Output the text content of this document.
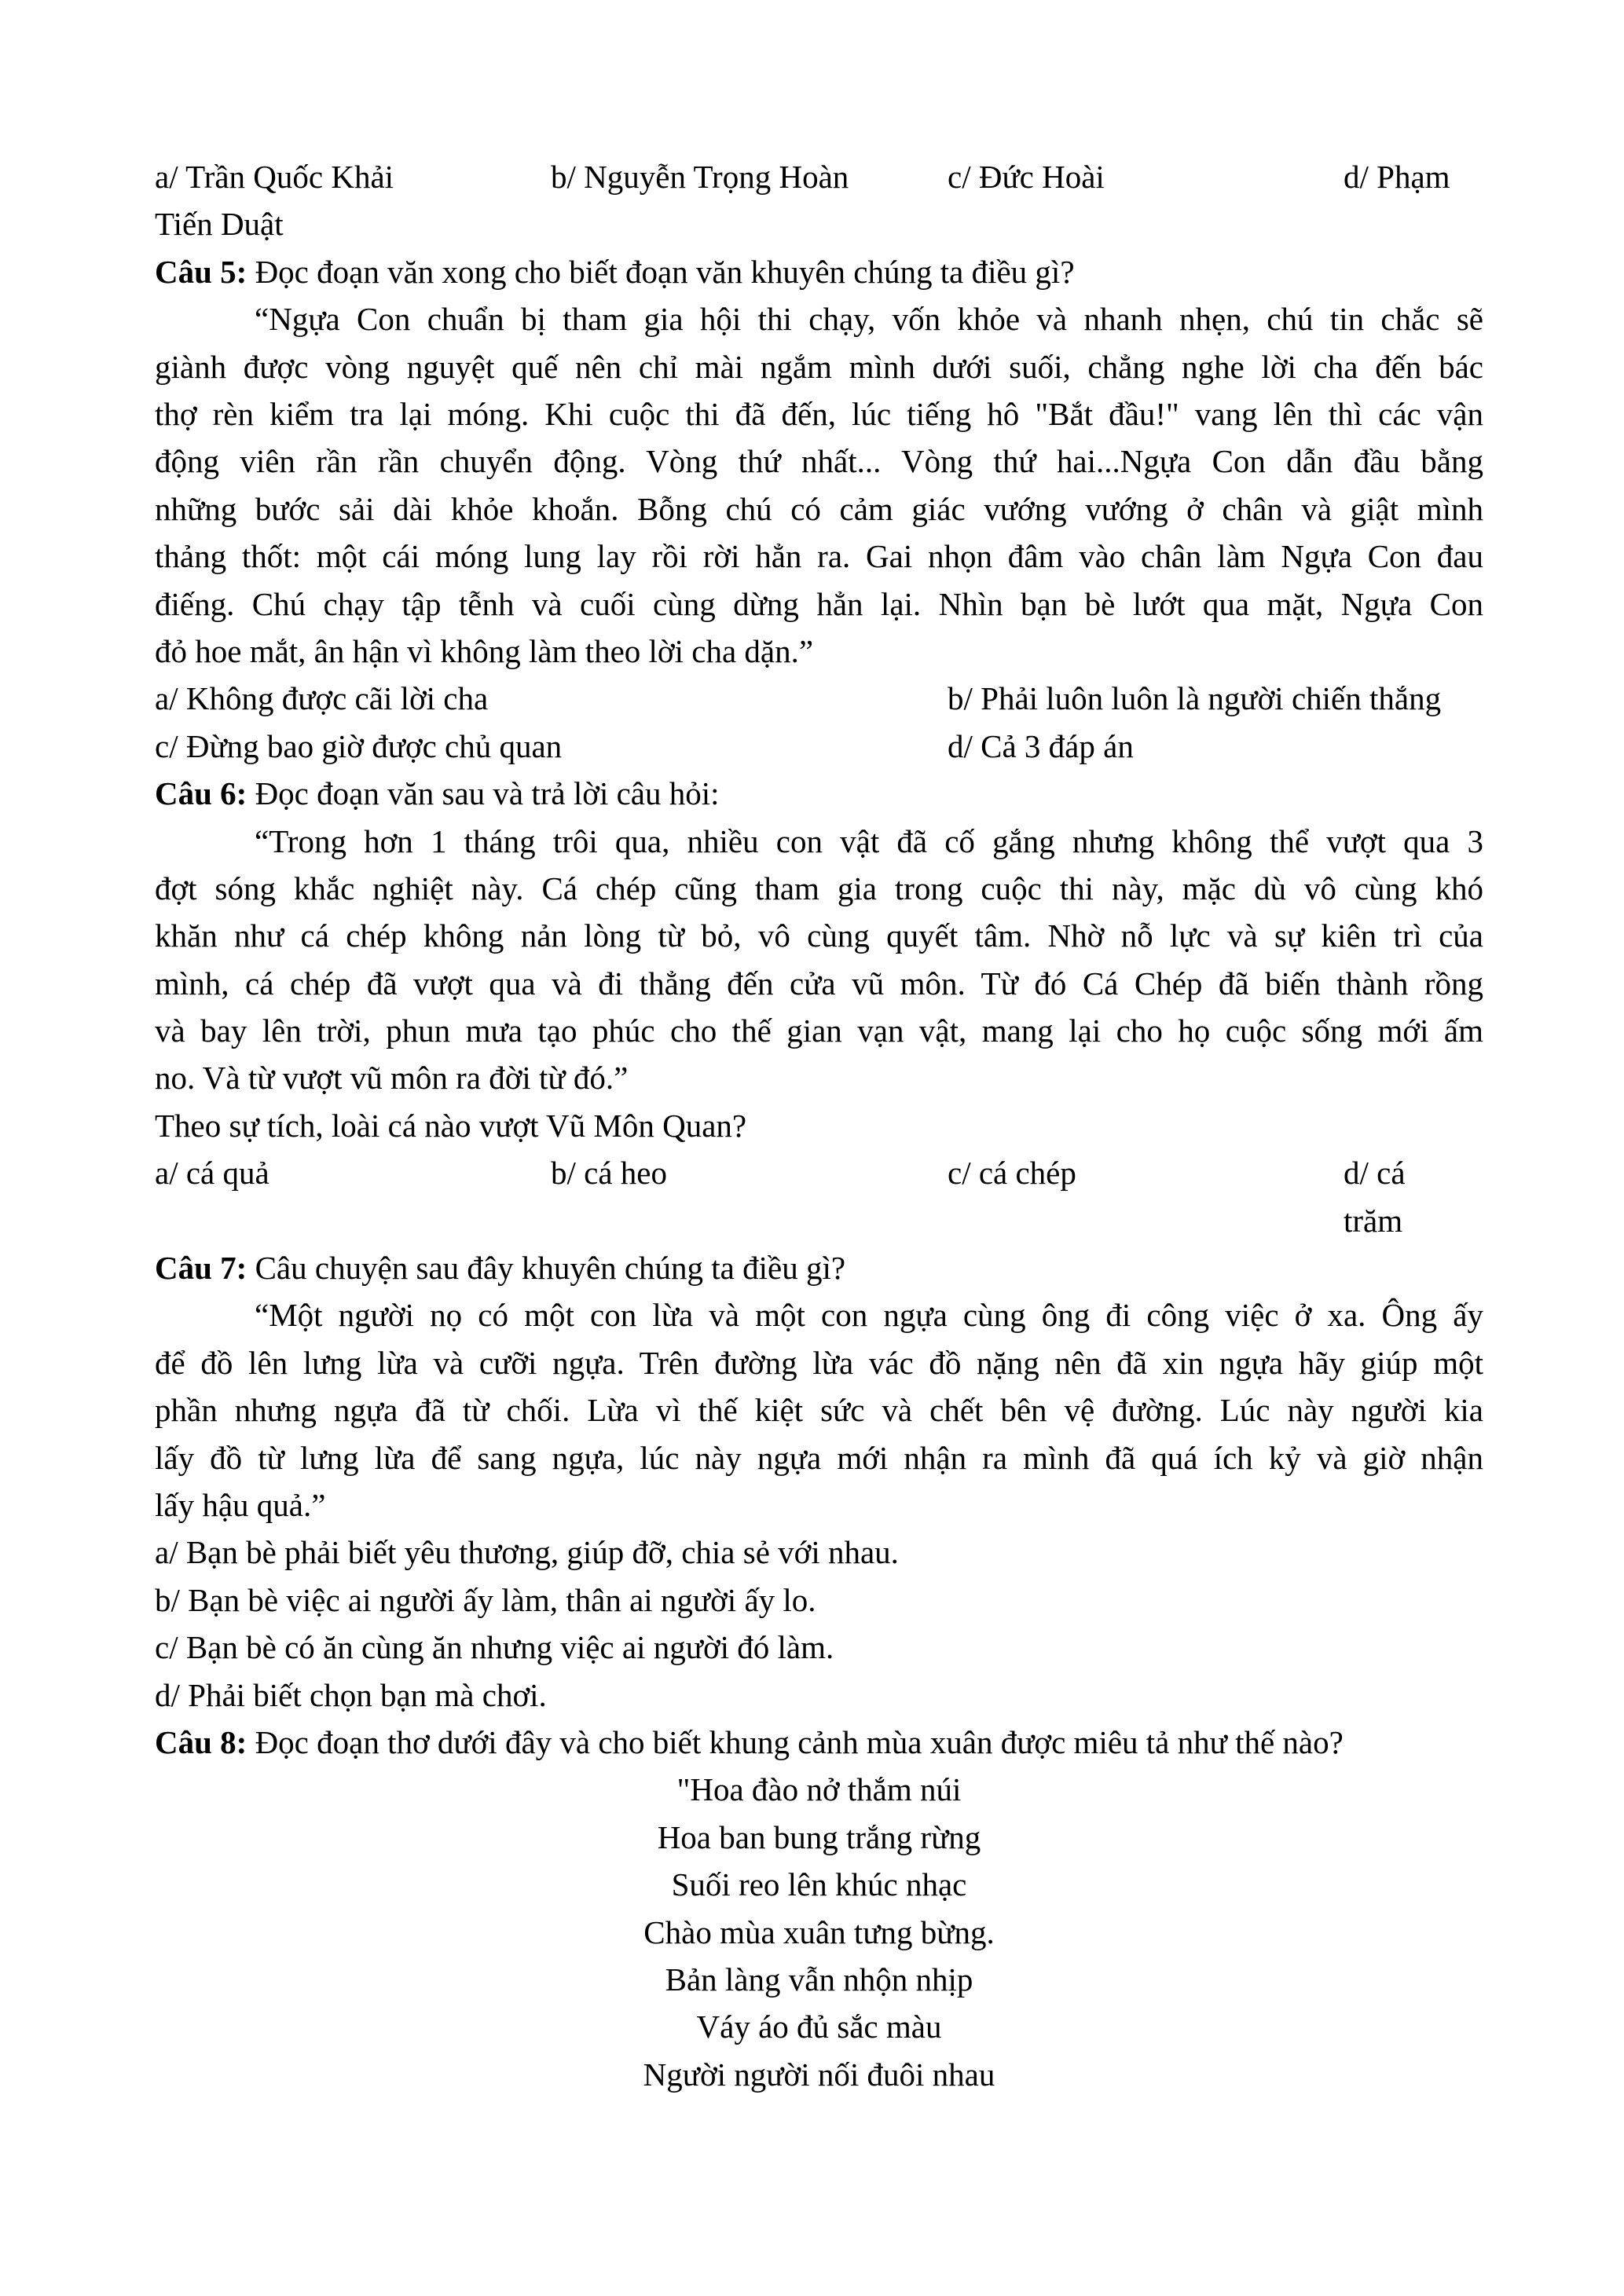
a/ Trần Quốc Khải	b/ Nguyễn Trọng Hoàn	c/ Đức Hoài	d/ Phạm Tiến Duật
Câu 5: Đọc đoạn văn xong cho biết đoạn văn khuyên chúng ta điều gì?
“Ngựa Con chuẩn bị tham gia hội thi chạy, vốn khỏe và nhanh nhẹn, chú tin chắc sẽ
giành được vòng nguyệt quế nên chỉ mài ngắm mình dưới suối, chẳng nghe lời cha đến bác
thợ rèn kiểm tra lại móng. Khi cuộc thi đã đến, lúc tiếng hô "Bắt đầu!" vang lên thì các vận
động viên rần rần chuyển động. Vòng thứ nhất... Vòng thứ hai...Ngựa Con dẫn đầu bằng
những bước sải dài khỏe khoắn. Bỗng chú có cảm giác vướng vướng ở chân và giật mình
thảng thốt: một cái móng lung lay rồi rời hẳn ra. Gai nhọn đâm vào chân làm Ngựa Con đau
điếng. Chú chạy tập tễnh và cuối cùng dừng hẳn lại. Nhìn bạn bè lướt qua mặt, Ngựa Con
đỏ hoe mắt, ân hận vì không làm theo lời cha dặn.”
a/ Không được cãi lời cha	b/ Phải luôn luôn là người chiến thắng
c/ Đừng bao giờ được chủ quan	d/ Cả 3 đáp án
Câu 6: Đọc đoạn văn sau và trả lời câu hỏi:
“Trong hơn 1 tháng trôi qua, nhiều con vật đã cố gắng nhưng không thể vượt qua 3
đợt sóng khắc nghiệt này. Cá chép cũng tham gia trong cuộc thi này, mặc dù vô cùng khó
khăn như cá chép không nản lòng từ bỏ, vô cùng quyết tâm. Nhờ nỗ lực và sự kiên trì của
mình, cá chép đã vượt qua và đi thẳng đến cửa vũ môn. Từ đó Cá Chép đã biến thành rồng
và bay lên trời, phun mưa tạo phúc cho thế gian vạn vật, mang lại cho họ cuộc sống mới ấm
no. Và từ vượt vũ môn ra đời từ đó.”
Theo sự tích, loài cá nào vượt Vũ Môn Quan?
a/ cá quả	b/ cá heo	c/ cá chép	d/ cá trăm
Câu 7: Câu chuyện sau đây khuyên chúng ta điều gì?
“Một người nọ có một con lừa và một con ngựa cùng ông đi công việc ở xa. Ông ấy
để đồ lên lưng lừa và cưỡi ngựa. Trên đường lừa vác đồ nặng nên đã xin ngựa hãy giúp một
phần nhưng ngựa đã từ chối. Lừa vì thế kiệt sức và chết bên vệ đường. Lúc này người kia
lấy đồ từ lưng lừa để sang ngựa, lúc này ngựa mới nhận ra mình đã quá ích kỷ và giờ nhận
lấy hậu quả.”
a/ Bạn bè phải biết yêu thương, giúp đỡ, chia sẻ với nhau.
b/ Bạn bè việc ai người ấy làm, thân ai người ấy lo.
c/ Bạn bè có ăn cùng ăn nhưng việc ai người đó làm.
d/ Phải biết chọn bạn mà chơi.
Câu 8: Đọc đoạn thơ dưới đây và cho biết khung cảnh mùa xuân được miêu tả như thế nào?
"Hoa đào nở thắm núi
Hoa ban bung trắng rừng
Suối reo lên khúc nhạc
Chào mùa xuân tưng bừng.
Bản làng vẫn nhộn nhịp
Váy áo đủ sắc màu
Người người nối đuôi nhau
